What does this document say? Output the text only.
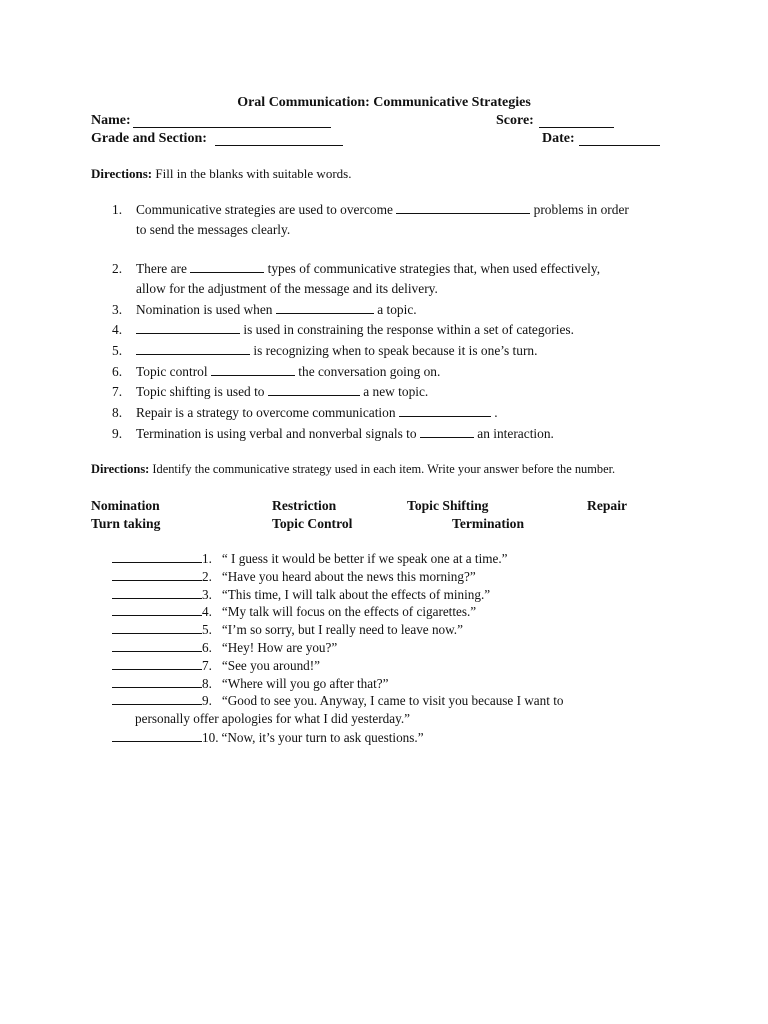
Oral Communication: Communicative Strategies
Name:	Score:
Grade and Section:	Date:
Directions: Fill in the blanks with suitable words.
1. Communicative strategies are used to overcome	problems in order
to send the messages clearly.
2. There are	types of communicative strategies that, when used effectively,
allow for the adjustment of the message and its delivery.
3. Nomination is used when	a topic.
4.	is used in constraining the response within a set of categories.
5.	is recognizing when to speak because it is one’s turn.
6. Topic control	the conversation going on.
7. Topic shifting is used to	a new topic.
8. Repair is a strategy to overcome communication	.
9. Termination is using verbal and nonverbal signals to	an interaction.
Directions: Identify the communicative strategy used in each item. Write your answer before the number.
Nomination	Restriction	Topic Shifting	Repair
Turn taking	Topic Control	Termination
1. “ I guess it would be better if we speak one at a time.”
2. “Have you heard about the news this morning?”
3. “This time, I will talk about the effects of mining.”
4. “My talk will focus on the effects of cigarettes.”
5. “I’m so sorry, but I really need to leave now.”
6. “Hey! How are you?”
7. “See you around!”
8. “Where will you go after that?”
9. “Good to see you. Anyway, I came to visit you because I want to
personally offer apologies for what I did yesterday.”
10. “Now, it’s your turn to ask questions.”
